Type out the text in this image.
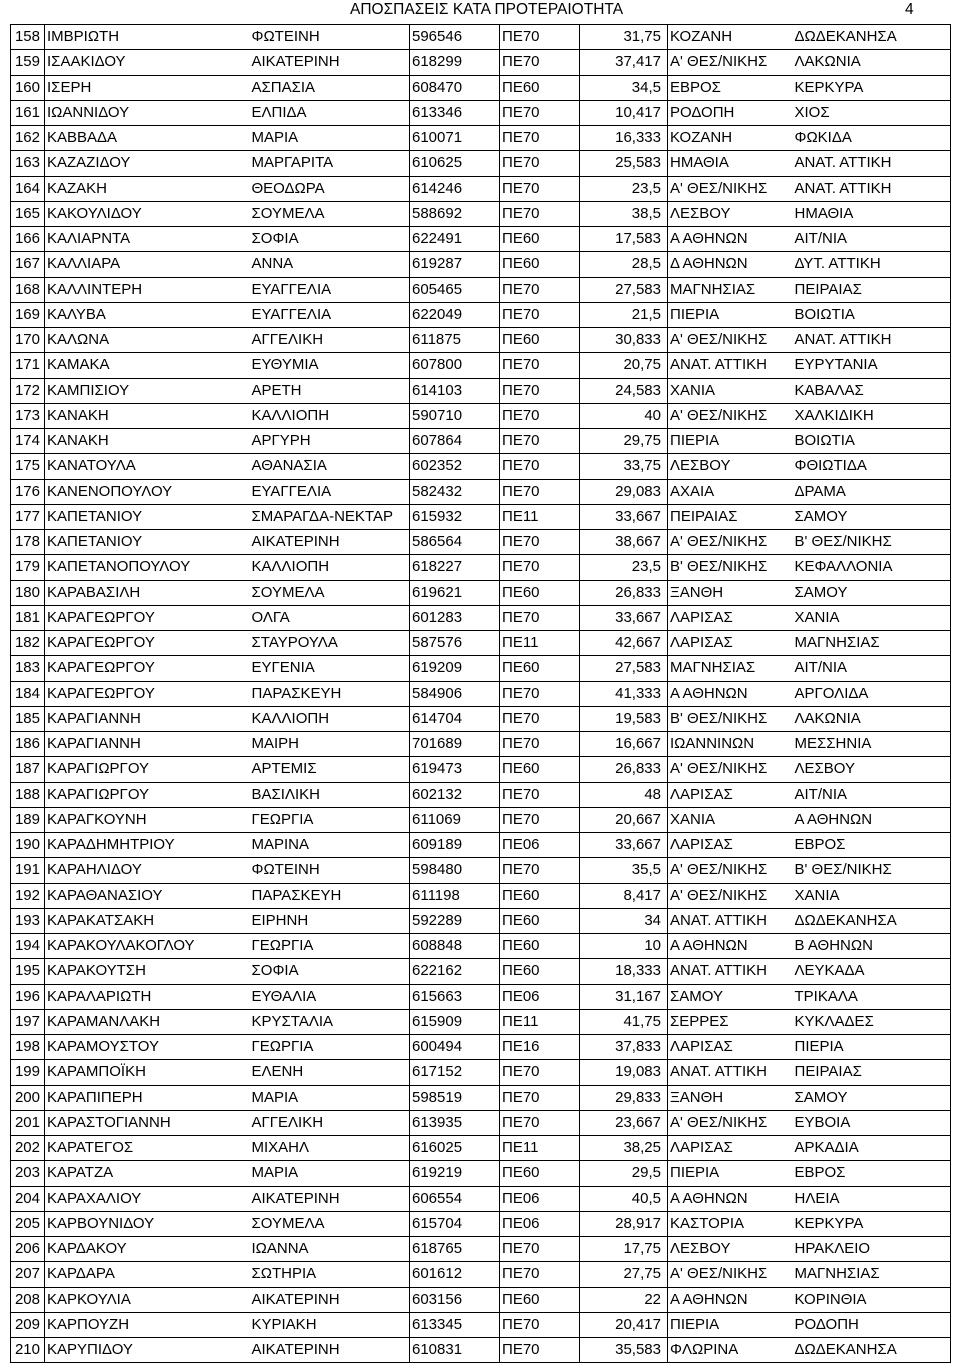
ΑΠΟΣΠΑΣΕΙΣ ΚΑΤΑ ΠΡΟΤΕΡΑΙΟΤΗΤΑ	4
158	ΙΜΒΡΙΩΤΗ	ΦΩΤΕΙΝΗ	596546	ΠΕ70	31,75	ΚΟΖΑΝΗ	ΔΩΔΕΚΑΝΗΣΑ
159	ΙΣΑΑΚΙΔΟΥ	ΑΙΚΑΤΕΡΙΝΗ	618299	ΠΕ70	37,417	Α' ΘΕΣ/ΝΙΚΗΣ	ΛΑΚΩΝΙΑ
160	ΙΣΕΡΗ	ΑΣΠΑΣΙΑ	608470	ΠΕ60	34,5	ΕΒΡΟΣ	ΚΕΡΚΥΡΑ
161	ΙΩΑΝΝΙΔΟΥ	ΕΛΠΙΔΑ	613346	ΠΕ70	10,417	ΡΟΔΟΠΗ	ΧΙΟΣ
162	ΚΑΒΒΑΔΑ	ΜΑΡΙΑ	610071	ΠΕ70	16,333	ΚΟΖΑΝΗ	ΦΩΚΙΔΑ
163	ΚΑΖΑΖΙΔΟΥ	ΜΑΡΓΑΡΙΤΑ	610625	ΠΕ70	25,583	ΗΜΑΘΙΑ	ΑΝΑΤ. ΑΤΤΙΚΗ
164	ΚΑΖΑΚΗ	ΘΕΟΔΩΡΑ	614246	ΠΕ70	23,5	Α' ΘΕΣ/ΝΙΚΗΣ	ΑΝΑΤ. ΑΤΤΙΚΗ
165	ΚΑΚΟΥΛΙΔΟΥ	ΣΟΥΜΕΛΑ	588692	ΠΕ70	38,5	ΛΕΣΒΟΥ	ΗΜΑΘΙΑ
166	ΚΑΛΙΑΡΝΤΑ	ΣΟΦΙΑ	622491	ΠΕ60	17,583	Α ΑΘΗΝΩΝ	ΑΙΤ/ΝΙΑ
167	ΚΑΛΛΙΑΡΑ	ΑΝΝΑ	619287	ΠΕ60	28,5	Δ ΑΘΗΝΩΝ	ΔΥΤ. ΑΤΤΙΚΗ
168	ΚΑΛΛΙΝΤΕΡΗ	ΕΥΑΓΓΕΛΙΑ	605465	ΠΕ70	27,583	ΜΑΓΝΗΣΙΑΣ	ΠΕΙΡΑΙΑΣ
169	ΚΑΛΥΒΑ	ΕΥΑΓΓΕΛΙΑ	622049	ΠΕ70	21,5	ΠΙΕΡΙΑ	ΒΟΙΩΤΙΑ
170	ΚΑΛΩΝΑ	ΑΓΓΕΛΙΚΗ	611875	ΠΕ60	30,833	Α' ΘΕΣ/ΝΙΚΗΣ	ΑΝΑΤ. ΑΤΤΙΚΗ
171	ΚΑΜΑΚΑ	ΕΥΘΥΜΙΑ	607800	ΠΕ70	20,75	ΑΝΑΤ. ΑΤΤΙΚΗ	ΕΥΡΥΤΑΝΙΑ
172	ΚΑΜΠΙΣΙΟΥ	ΑΡΕΤΗ	614103	ΠΕ70	24,583	ΧΑΝΙΑ	ΚΑΒΑΛΑΣ
173	ΚΑΝΑΚΗ	ΚΑΛΛΙΟΠΗ	590710	ΠΕ70	40	Α' ΘΕΣ/ΝΙΚΗΣ	ΧΑΛΚΙΔΙΚΗ
174	ΚΑΝΑΚΗ	ΑΡΓΥΡΗ	607864	ΠΕ70	29,75	ΠΙΕΡΙΑ	ΒΟΙΩΤΙΑ
175	ΚΑΝΑΤΟΥΛΑ	ΑΘΑΝΑΣΙΑ	602352	ΠΕ70	33,75	ΛΕΣΒΟΥ	ΦΘΙΩΤΙΔΑ
176	ΚΑΝΕΝΟΠΟΥΛΟΥ	ΕΥΑΓΓΕΛΙΑ	582432	ΠΕ70	29,083	ΑΧΑΙΑ	ΔΡΑΜΑ
177	ΚΑΠΕΤΑΝΙΟΥ	ΣΜΑΡΑΓΔΑ-ΝΕΚΤΑΡ	615932	ΠΕ11	33,667	ΠΕΙΡΑΙΑΣ	ΣΑΜΟΥ
178	ΚΑΠΕΤΑΝΙΟΥ	ΑΙΚΑΤΕΡΙΝΗ	586564	ΠΕ70	38,667	Α' ΘΕΣ/ΝΙΚΗΣ	Β' ΘΕΣ/ΝΙΚΗΣ
179	ΚΑΠΕΤΑΝΟΠΟΥΛΟΥ	ΚΑΛΛΙΟΠΗ	618227	ΠΕ70	23,5	Β' ΘΕΣ/ΝΙΚΗΣ	ΚΕΦΑΛΛΟΝΙΑ
180	ΚΑΡΑΒΑΣΙΛΗ	ΣΟΥΜΕΛΑ	619621	ΠΕ60	26,833	ΞΑΝΘΗ	ΣΑΜΟΥ
181	ΚΑΡΑΓΕΩΡΓΟΥ	ΟΛΓΑ	601283	ΠΕ70	33,667	ΛΑΡΙΣΑΣ	ΧΑΝΙΑ
182	ΚΑΡΑΓΕΩΡΓΟΥ	ΣΤΑΥΡΟΥΛΑ	587576	ΠΕ11	42,667	ΛΑΡΙΣΑΣ	ΜΑΓΝΗΣΙΑΣ
183	ΚΑΡΑΓΕΩΡΓΟΥ	ΕΥΓΕΝΙΑ	619209	ΠΕ60	27,583	ΜΑΓΝΗΣΙΑΣ	ΑΙΤ/ΝΙΑ
184	ΚΑΡΑΓΕΩΡΓΟΥ	ΠΑΡΑΣΚΕΥΗ	584906	ΠΕ70	41,333	Α ΑΘΗΝΩΝ	ΑΡΓΟΛΙΔΑ
185	ΚΑΡΑΓΙΑΝΝΗ	ΚΑΛΛΙΟΠΗ	614704	ΠΕ70	19,583	Β' ΘΕΣ/ΝΙΚΗΣ	ΛΑΚΩΝΙΑ
186	ΚΑΡΑΓΙΑΝΝΗ	ΜΑΙΡΗ	701689	ΠΕ70	16,667	ΙΩΑΝΝΙΝΩΝ	ΜΕΣΣΗΝΙΑ
187	ΚΑΡΑΓΙΩΡΓΟΥ	ΑΡΤΕΜΙΣ	619473	ΠΕ60	26,833	Α' ΘΕΣ/ΝΙΚΗΣ	ΛΕΣΒΟΥ
188	ΚΑΡΑΓΙΩΡΓΟΥ	ΒΑΣΙΛΙΚΗ	602132	ΠΕ70	48	ΛΑΡΙΣΑΣ	ΑΙΤ/ΝΙΑ
189	ΚΑΡΑΓΚΟΥΝΗ	ΓΕΩΡΓΙΑ	611069	ΠΕ70	20,667	ΧΑΝΙΑ	Α ΑΘΗΝΩΝ
190	ΚΑΡΑΔΗΜΗΤΡΙΟΥ	ΜΑΡΙΝΑ	609189	ΠΕ06	33,667	ΛΑΡΙΣΑΣ	ΕΒΡΟΣ
191	ΚΑΡΑΗΛΙΔΟΥ	ΦΩΤΕΙΝΗ	598480	ΠΕ70	35,5	Α' ΘΕΣ/ΝΙΚΗΣ	Β' ΘΕΣ/ΝΙΚΗΣ
192	ΚΑΡΑΘΑΝΑΣΙΟΥ	ΠΑΡΑΣΚΕΥΗ	611198	ΠΕ60	8,417	Α' ΘΕΣ/ΝΙΚΗΣ	ΧΑΝΙΑ
193	ΚΑΡΑΚΑΤΣΑΚΗ	ΕΙΡΗΝΗ	592289	ΠΕ60	34	ΑΝΑΤ. ΑΤΤΙΚΗ	ΔΩΔΕΚΑΝΗΣΑ
194	ΚΑΡΑΚΟΥΛΑΚΟΓΛΟΥ	ΓΕΩΡΓΙΑ	608848	ΠΕ60	10	Α ΑΘΗΝΩΝ	Β ΑΘΗΝΩΝ
195	ΚΑΡΑΚΟΥΤΣΗ	ΣΟΦΙΑ	622162	ΠΕ60	18,333	ΑΝΑΤ. ΑΤΤΙΚΗ	ΛΕΥΚΑΔΑ
196	ΚΑΡΑΛΑΡΙΩΤΗ	ΕΥΘΑΛΙΑ	615663	ΠΕ06	31,167	ΣΑΜΟΥ	ΤΡΙΚΑΛΑ
197	ΚΑΡΑΜΑΝΛΑΚΗ	ΚΡΥΣΤΑΛΙΑ	615909	ΠΕ11	41,75	ΣΕΡΡΕΣ	ΚΥΚΛΑΔΕΣ
198	ΚΑΡΑΜΟΥΣΤΟΥ	ΓΕΩΡΓΙΑ	600494	ΠΕ16	37,833	ΛΑΡΙΣΑΣ	ΠΙΕΡΙΑ
199	ΚΑΡΑΜΠΟΪΚΗ	ΕΛΕΝΗ	617152	ΠΕ70	19,083	ΑΝΑΤ. ΑΤΤΙΚΗ	ΠΕΙΡΑΙΑΣ
200	ΚΑΡΑΠΙΠΕΡΗ	ΜΑΡΙΑ	598519	ΠΕ70	29,833	ΞΑΝΘΗ	ΣΑΜΟΥ
201	ΚΑΡΑΣΤΟΓΙΑΝΝΗ	ΑΓΓΕΛΙΚΗ	613935	ΠΕ70	23,667	Α' ΘΕΣ/ΝΙΚΗΣ	ΕΥΒΟΙΑ
202	ΚΑΡΑΤΕΓΟΣ	ΜΙΧΑΗΛ	616025	ΠΕ11	38,25	ΛΑΡΙΣΑΣ	ΑΡΚΑΔΙΑ
203	ΚΑΡΑΤΖΑ	ΜΑΡΙΑ	619219	ΠΕ60	29,5	ΠΙΕΡΙΑ	ΕΒΡΟΣ
204	ΚΑΡΑΧΑΛΙΟΥ	ΑΙΚΑΤΕΡΙΝΗ	606554	ΠΕ06	40,5	Α ΑΘΗΝΩΝ	ΗΛΕΙΑ
205	ΚΑΡΒΟΥΝΙΔΟΥ	ΣΟΥΜΕΛΑ	615704	ΠΕ06	28,917	ΚΑΣΤΟΡΙΑ	ΚΕΡΚΥΡΑ
206	ΚΑΡΔΑΚΟΥ	ΙΩΑΝΝΑ	618765	ΠΕ70	17,75	ΛΕΣΒΟΥ	ΗΡΑΚΛΕΙΟ
207	ΚΑΡΔΑΡΑ	ΣΩΤΗΡΙΑ	601612	ΠΕ70	27,75	Α' ΘΕΣ/ΝΙΚΗΣ	ΜΑΓΝΗΣΙΑΣ
208	ΚΑΡΚΟΥΛΙΑ	ΑΙΚΑΤΕΡΙΝΗ	603156	ΠΕ60	22	Α ΑΘΗΝΩΝ	ΚΟΡΙΝΘΙΑ
209	ΚΑΡΠΟΥΖΗ	ΚΥΡΙΑΚΗ	613345	ΠΕ70	20,417	ΠΙΕΡΙΑ	ΡΟΔΟΠΗ
210	ΚΑΡΥΠΙΔΟΥ	ΑΙΚΑΤΕΡΙΝΗ	610831	ΠΕ70	35,583	ΦΛΩΡΙΝΑ	ΔΩΔΕΚΑΝΗΣΑ
